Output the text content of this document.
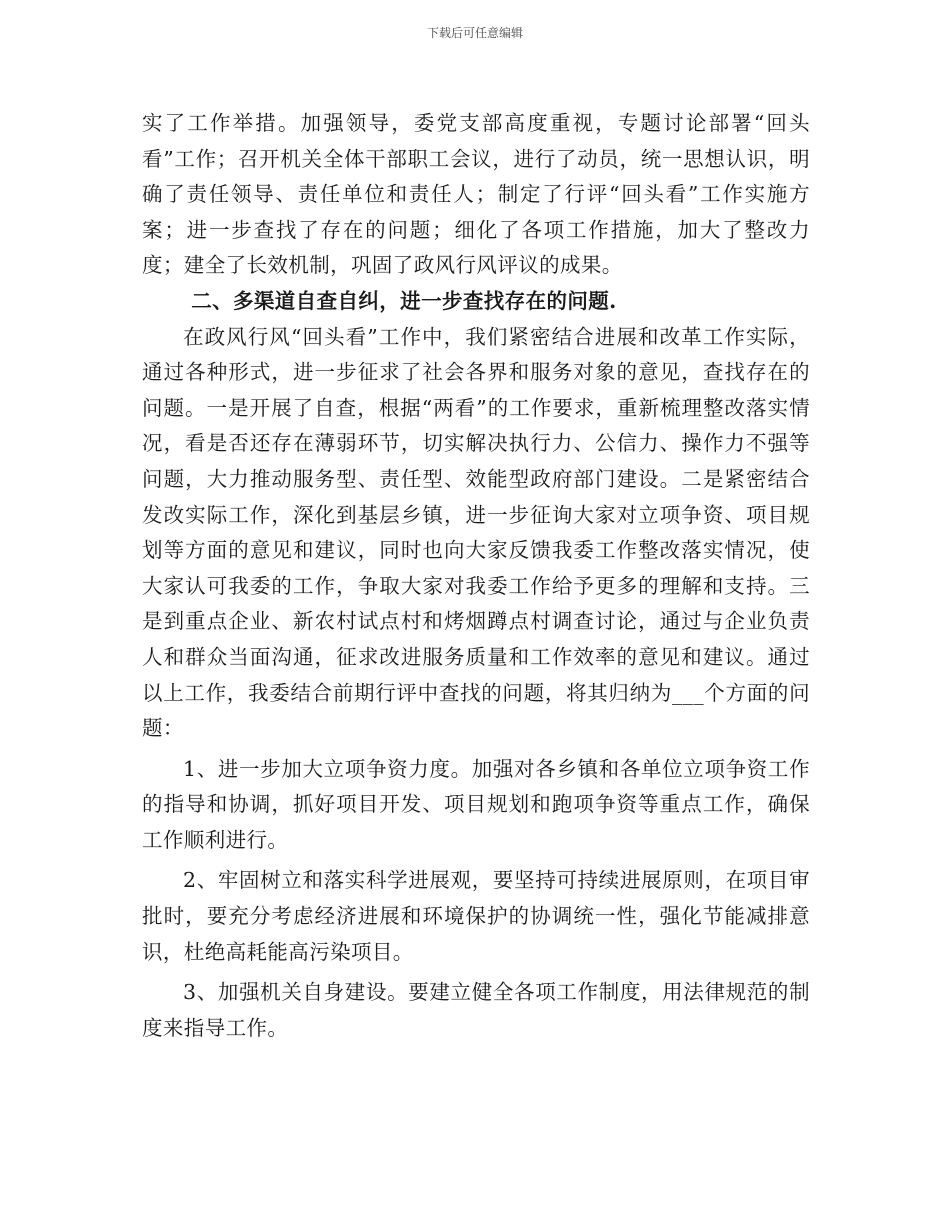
下载后可任意编辑

实了工作举措。加强领导，委党支部高度重视，专题讨论部署“回头看”工作；召开机关全体干部职工会议，进行了动员，统一思想认识，明确了责任领导、责任单位和责任人；制定了行评“回头看”工作实施方案；进一步查找了存在的问题；细化了各项工作措施，加大了整改力度；建全了长效机制，巩固了政风行风评议的成果。

二、多渠道自查自纠，进一步查找存在的问题.

在政风行风“回头看”工作中，我们紧密结合进展和改革工作实际，通过各种形式，进一步征求了社会各界和服务对象的意见，查找存在的问题。一是开展了自查，根据“两看”的工作要求，重新梳理整改落实情况，看是否还存在薄弱环节，切实解决执行力、公信力、操作力不强等问题，大力推动服务型、责任型、效能型政府部门建设。二是紧密结合发改实际工作，深化到基层乡镇，进一步征询大家对立项争资、项目规划等方面的意见和建议，同时也向大家反馈我委工作整改落实情况，使大家认可我委的工作，争取大家对我委工作给予更多的理解和支持。三是到重点企业、新农村试点村和烤烟蹲点村调查讨论，通过与企业负责人和群众当面沟通，征求改进服务质量和工作效率的意见和建议。通过以上工作，我委结合前期行评中查找的问题，将其归纳为___个方面的问题：

1、进一步加大立项争资力度。加强对各乡镇和各单位立项争资工作的指导和协调，抓好项目开发、项目规划和跑项争资等重点工作，确保工作顺利进行。

2、牢固树立和落实科学进展观，要坚持可持续进展原则，在项目审批时，要充分考虑经济进展和环境保护的协调统一性，强化节能减排意识，杜绝高耗能高污染项目。

3、加强机关自身建设。要建立健全各项工作制度，用法律规范的制度来指导工作。
